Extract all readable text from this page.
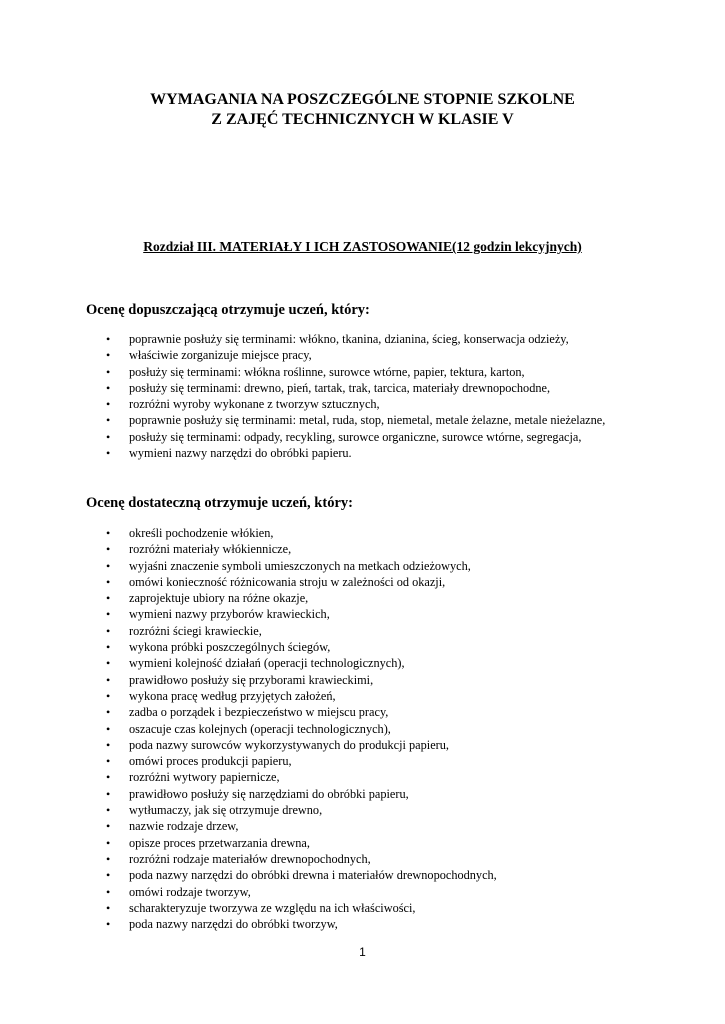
WYMAGANIA NA POSZCZEGÓLNE STOPNIE SZKOLNE
Z ZAJĘĆ TECHNICZNYCH W KLASIE V
Rozdział III. MATERIAŁY I ICH ZASTOSOWANIE(12 godzin lekcyjnych)
Ocenę dopuszczającą otrzymuje uczeń, który:
• poprawnie posłuży się terminami: włókno, tkanina, dzianina, ścieg, konserwacja odzieży,
• właściwie zorganizuje miejsce pracy,
• posłuży się terminami: włókna roślinne, surowce wtórne, papier, tektura, karton,
• posłuży się terminami: drewno, pień, tartak, trak, tarcica, materiały drewnopochodne,
• rozróżni wyroby wykonane z tworzyw sztucznych,
• poprawnie posłuży się terminami: metal, ruda, stop, niemetal, metale żelazne, metale nieżelazne,
• posłuży się terminami: odpady, recykling, surowce organiczne, surowce wtórne, segregacja,
• wymieni nazwy narzędzi do obróbki papieru.
Ocenę dostateczną otrzymuje uczeń, który:
• określi pochodzenie włókien,
• rozróżni materiały włókiennicze,
• wyjaśni znaczenie symboli umieszczonych na metkach odzieżowych,
• omówi konieczność różnicowania stroju w zależności od okazji,
• zaprojektuje ubiory na różne okazje,
• wymieni nazwy przyborów krawieckich,
• rozróżni ściegi krawieckie,
• wykona próbki poszczególnych ściegów,
• wymieni kolejność działań (operacji technologicznych),
• prawidłowo posłuży się przyborami krawieckimi,
• wykona pracę według przyjętych założeń,
• zadba o porządek i bezpieczeństwo w miejscu pracy,
• oszacuje czas kolejnych (operacji technologicznych),
• poda nazwy surowców wykorzystywanych do produkcji papieru,
• omówi proces produkcji papieru,
• rozróżni wytwory papiernicze,
• prawidłowo posłuży się narzędziami do obróbki papieru,
• wytłumaczy, jak się otrzymuje drewno,
• nazwie rodzaje drzew,
• opisze proces przetwarzania drewna,
• rozróżni rodzaje materiałów drewnopochodnych,
• poda nazwy narzędzi do obróbki drewna i materiałów drewnopochodnych,
• omówi rodzaje tworzyw,
• scharakteryzuje tworzywa ze względu na ich właściwości,
• poda nazwy narzędzi do obróbki tworzyw,
1
